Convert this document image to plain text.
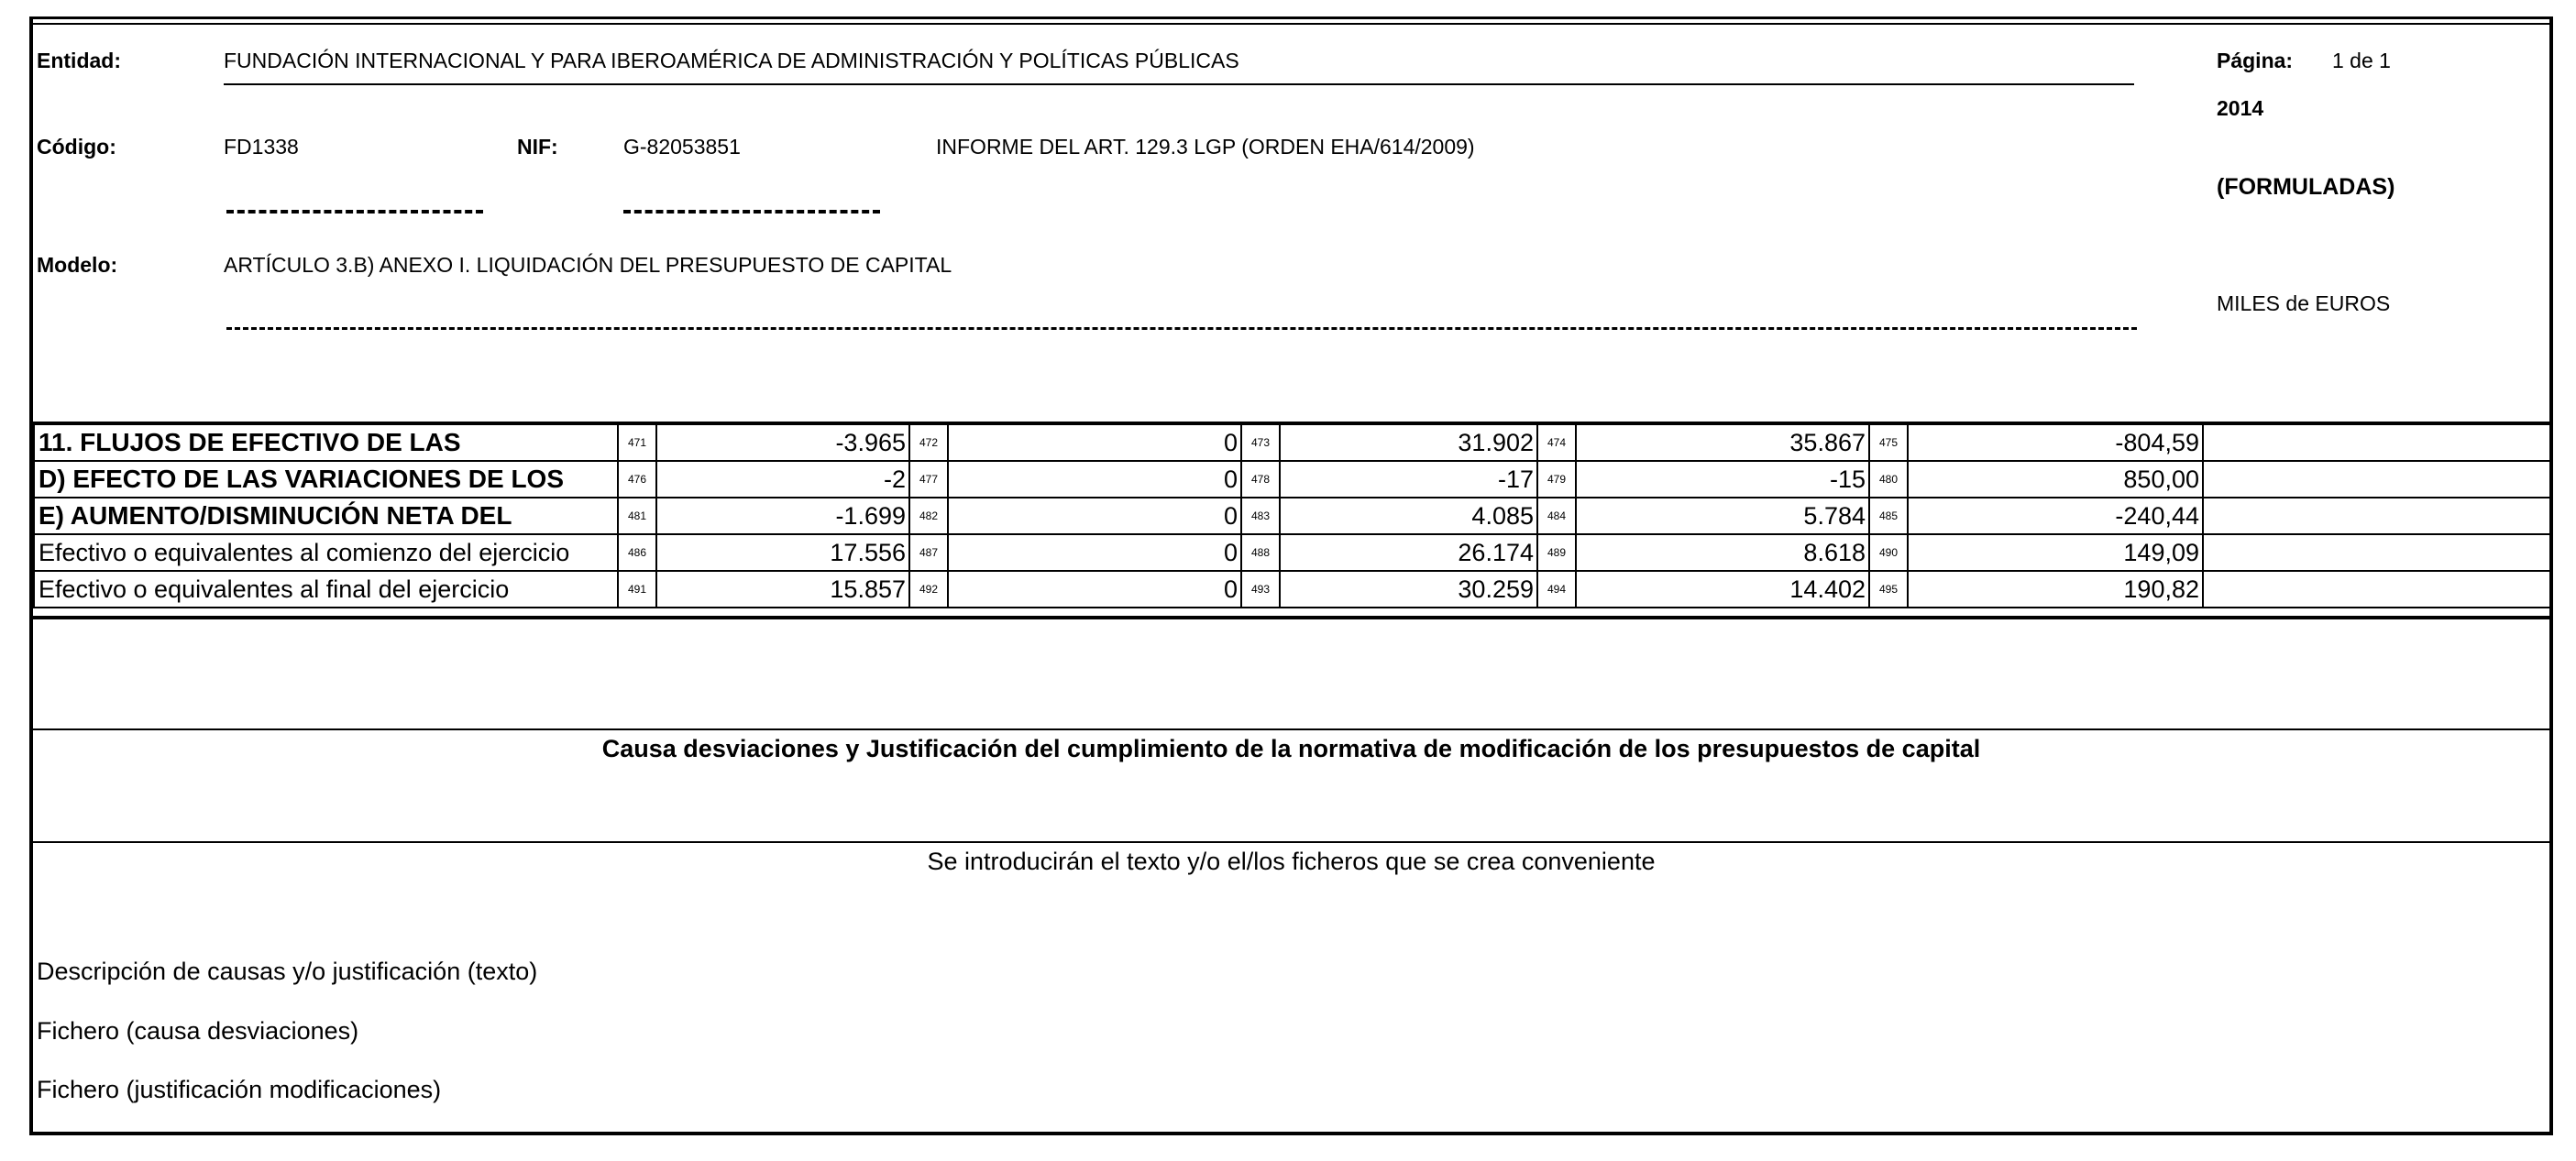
Entidad:	FUNDACIÓN INTERNACIONAL Y PARA IBEROAMÉRICA DE ADMINISTRACIÓN Y POLÍTICAS PÚBLICAS	Página: 1 de 1
2014
Código:	FD1338	NIF:	G-82053851	INFORME DEL ART. 129.3 LGP (ORDEN EHA/614/2009)
(FORMULADAS)
Modelo:	ARTÍCULO 3.B) ANEXO I. LIQUIDACIÓN DEL PRESUPUESTO DE CAPITAL
MILES de EUROS
11. FLUJOS DE EFECTIVO DE LAS	471	-3.965	472	0	473	31.902	474	35.867	475	-804,59	
D) EFECTO DE LAS VARIACIONES DE LOS	476	-2	477	0	478	-17	479	-15	480	850,00	
E) AUMENTO/DISMINUCIÓN NETA DEL	481	-1.699	482	0	483	4.085	484	5.784	485	-240,44	
Efectivo o equivalentes al comienzo del ejercicio	486	17.556	487	0	488	26.174	489	8.618	490	149,09	
Efectivo o equivalentes al final del ejercicio	491	15.857	492	0	493	30.259	494	14.402	495	190,82	
Causa desviaciones y Justificación del cumplimiento de la normativa de modificación de los presupuestos de capital
Se introducirán el texto y/o el/los ficheros que se crea conveniente
Descripción de causas y/o justificación (texto)
Fichero (causa desviaciones)
Fichero (justificación modificaciones)
